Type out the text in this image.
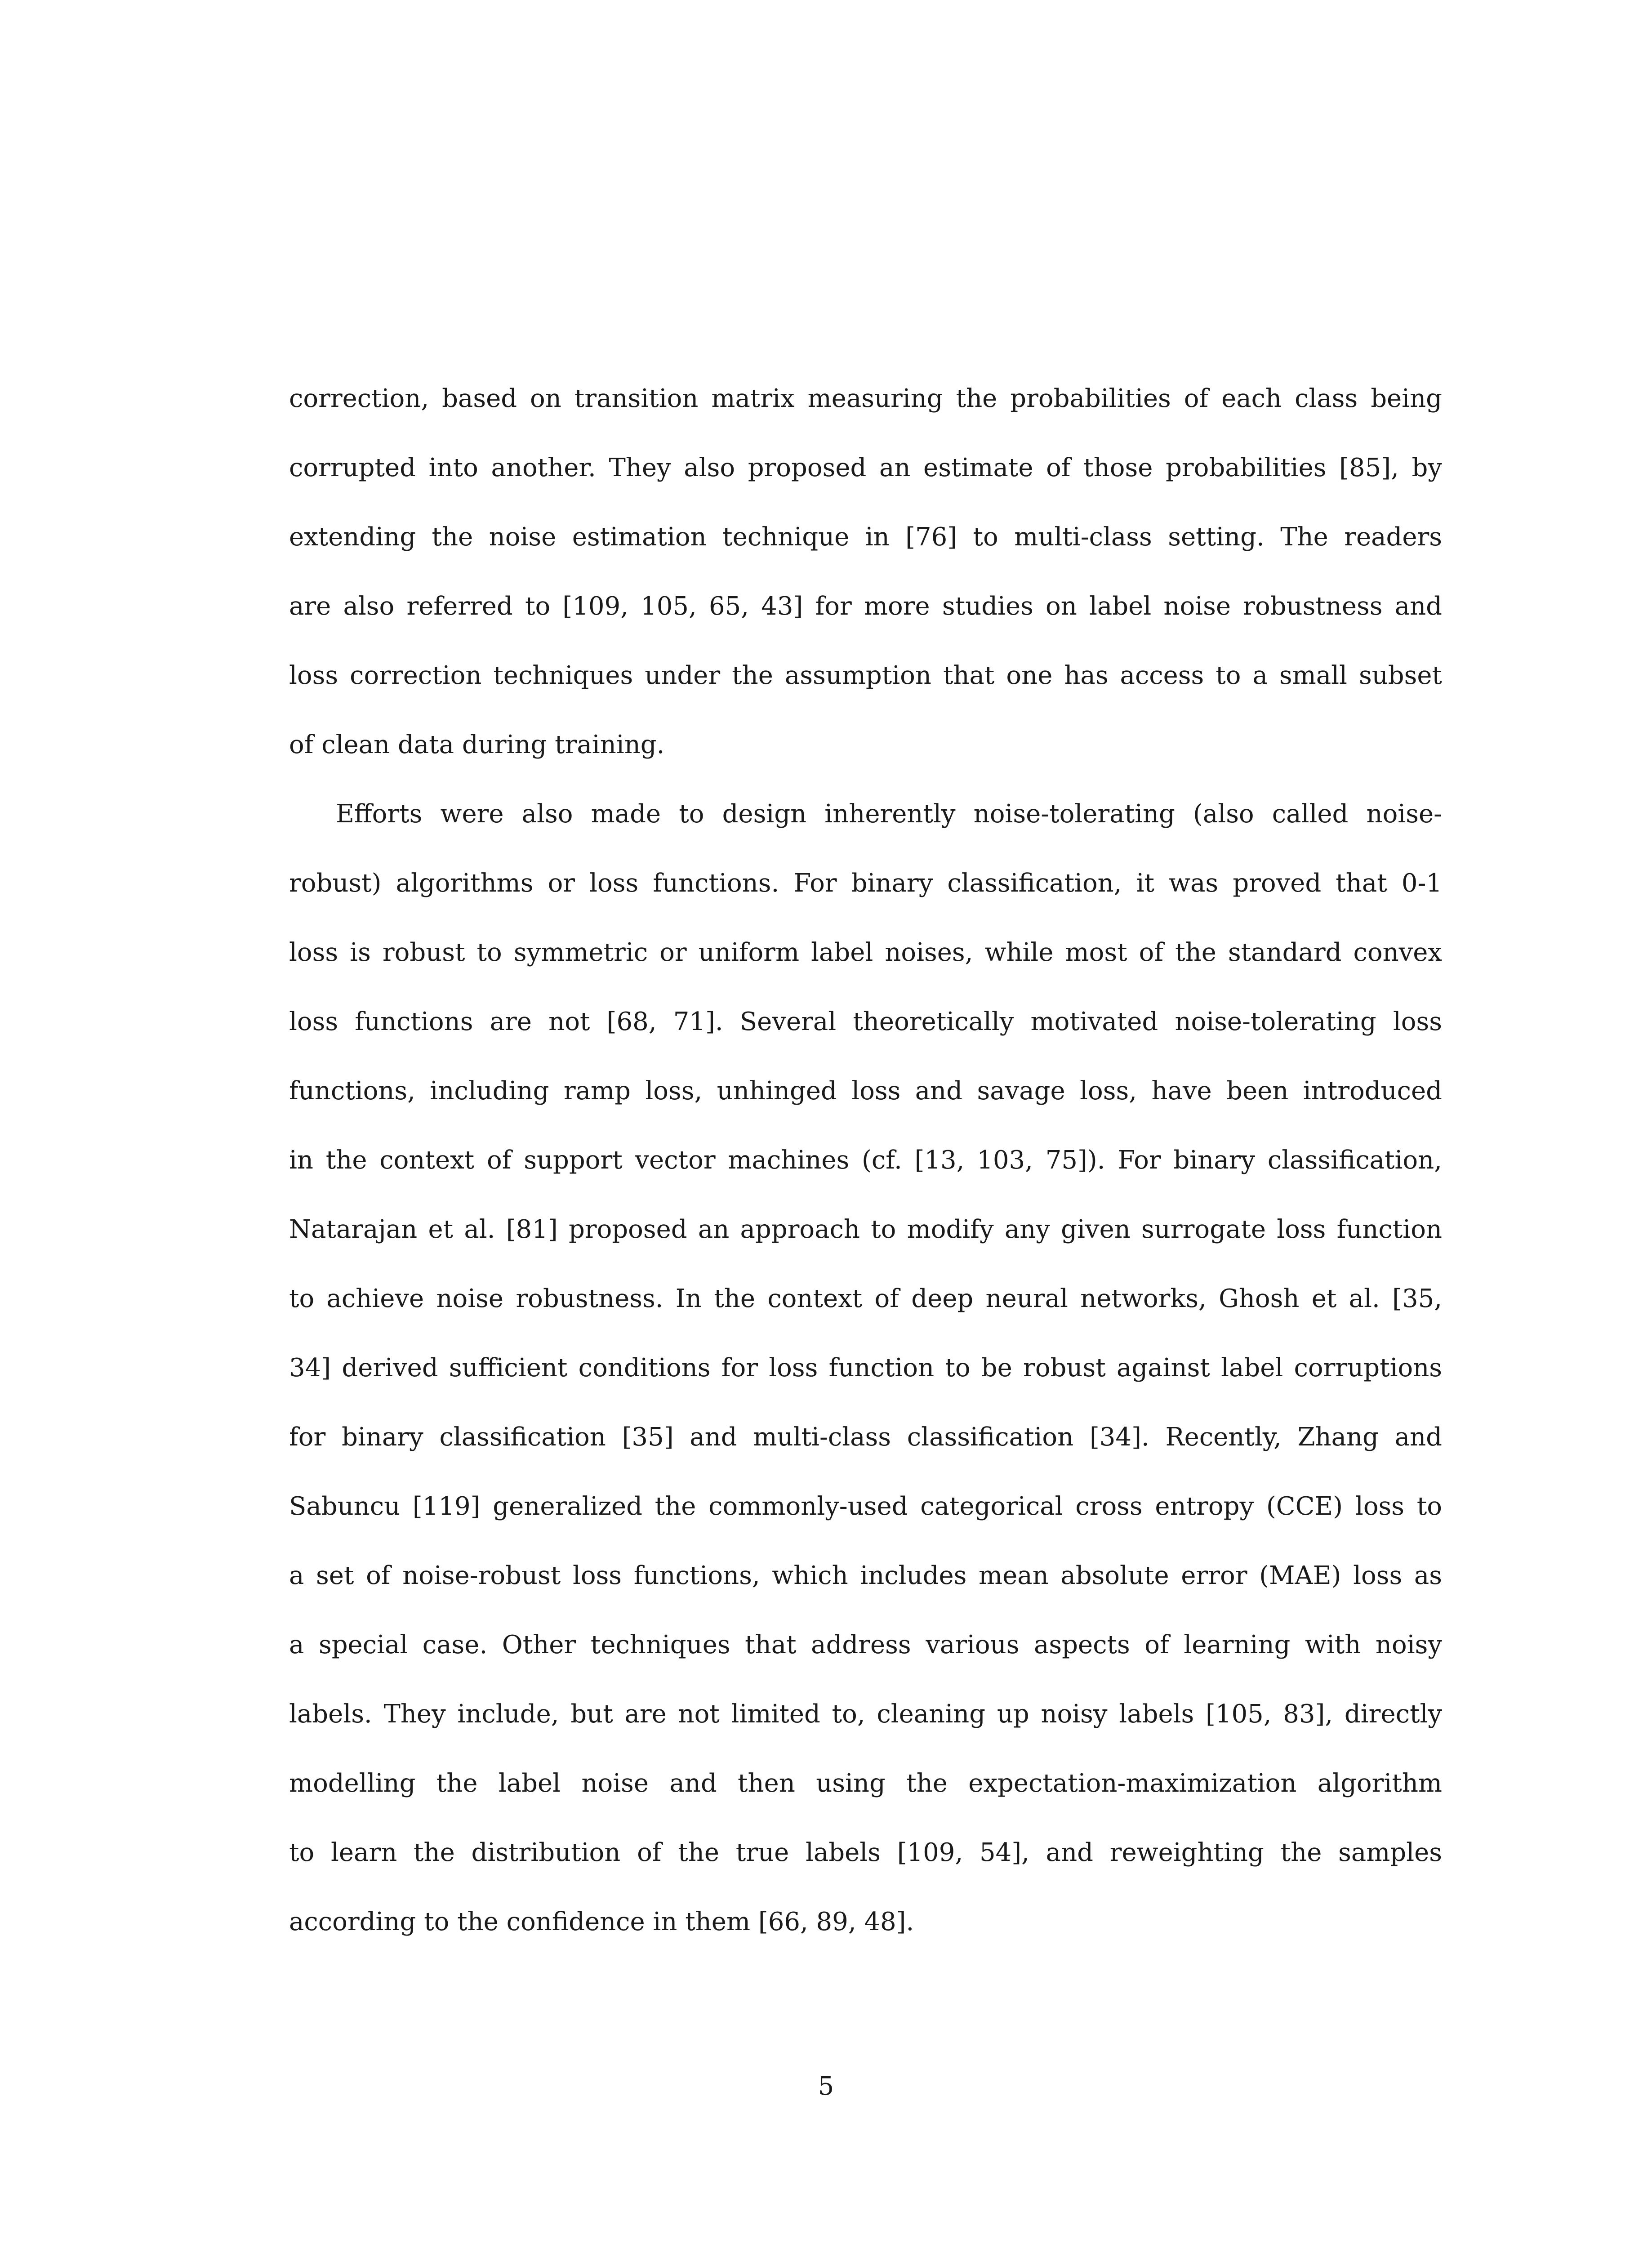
correction, based on transition matrix measuring the probabilities of each class being
corrupted into another. They also proposed an estimate of those probabilities [85], by
extending the noise estimation technique in [76] to multi-class setting. The readers
are also referred to [109, 105, 65, 43] for more studies on label noise robustness and
loss correction techniques under the assumption that one has access to a small subset
of clean data during training.
Efforts were also made to design inherently noise-tolerating (also called noise-
robust) algorithms or loss functions. For binary classification, it was proved that 0-1
loss is robust to symmetric or uniform label noises, while most of the standard convex
loss functions are not [68, 71]. Several theoretically motivated noise-tolerating loss
functions, including ramp loss, unhinged loss and savage loss, have been introduced
in the context of support vector machines (cf. [13, 103, 75]). For binary classification,
Natarajan et al. [81] proposed an approach to modify any given surrogate loss function
to achieve noise robustness. In the context of deep neural networks, Ghosh et al. [35,
34] derived sufficient conditions for loss function to be robust against label corruptions
for binary classification [35] and multi-class classification [34]. Recently, Zhang and
Sabuncu [119] generalized the commonly-used categorical cross entropy (CCE) loss to
a set of noise-robust loss functions, which includes mean absolute error (MAE) loss as
a special case. Other techniques that address various aspects of learning with noisy
labels. They include, but are not limited to, cleaning up noisy labels [105, 83], directly
modelling the label noise and then using the expectation-maximization algorithm
to learn the distribution of the true labels [109, 54], and reweighting the samples
according to the confidence in them [66, 89, 48].
5
